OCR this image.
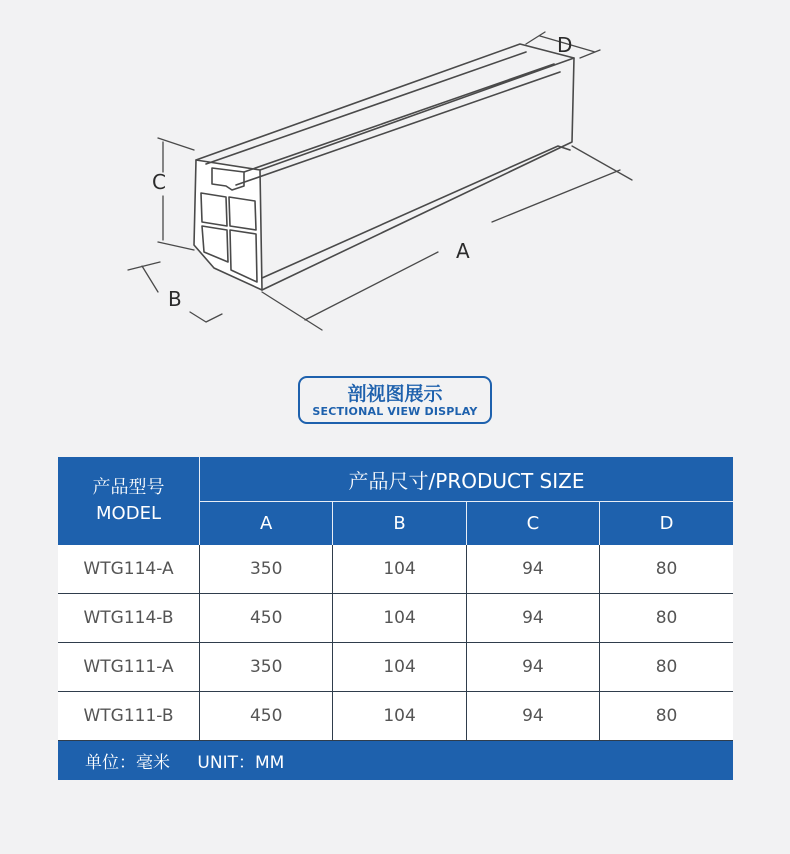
D
C
B
A
剖视图展示
SECTIONAL VIEW DISPLAY
产品型号
MODEL	产品尺寸/PRODUCT SIZE			
	A	B	C	D
WTG114-A	350	104	94	80
WTG114-B	450	104	94	80
WTG111-A	350	104	94	80
WTG111-B	450	104	94	80
单位：毫米 UNIT：MM				
